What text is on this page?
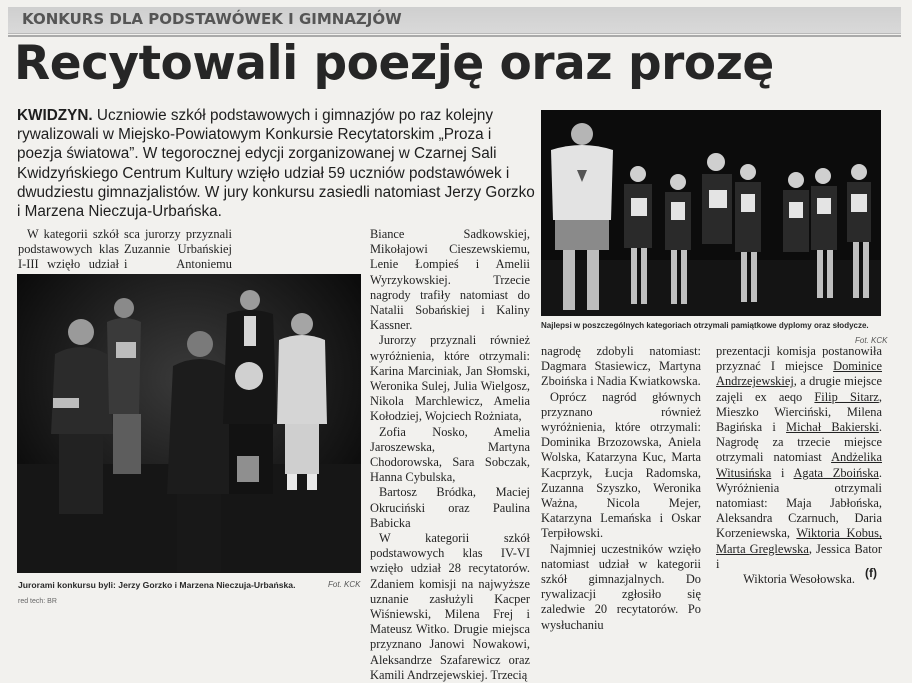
KONKURS DLA PODSTAWÓWEK I GIMNAZJÓW
Recytowali poezję oraz prozę
KWIDZYN. Uczniowie szkół podstawowych i gimnazjów po raz kolejny rywalizowali w Miejsko-Powiatowym Konkursie Recytatorskim „Proza i poezja światowa”. W tegorocznej edycji zorganizowanej w Czarnej Sali Kwidzyńskiego Centrum Kultury wzięło udział 59 uczniów podstawówek i dwudziestu gimnazjalistów. W jury konkursu zasiedli natomiast Jerzy Gorzko i Marzena Nieczuja-Urbańska.

W kategorii szkół podstawowych klas I-III wzięło udział

sca jurorzy przyznali Zuzannie Urbańskiej i Antoniemu

Jurorami konkursu byli: Jerzy Gorzko i Marzena Nieczuja-Urbańska.	Fot. KCK

Biance Sadkowskiej, Mikołajowi Cieszewskiemu, Lenie Łompieś i Amelii Wyrzykowskiej. Trzecie nagrody trafiły natomiast do Natalii Sobańskiej i Kaliny Kassner.

Jurorzy przyznali również wyróżnienia, które otrzymali: Karina Marciniak, Jan Słomski, Weronika Sulej, Julia Wielgosz, Nikola Marchlewicz, Amelia Kołodziej, Wojciech Rożniata,

Zofia Nosko, Amelia Jaroszewska, Martyna Chodorowska, Sara Sobczak, Hanna Cybulska,

Bartosz Bródka, Maciej Okruciński oraz Paulina Babicka

W kategorii szkół podstawowych klas IV-VI wzięło udział 28 recytatorów. Zdaniem komisji na najwyższe uznanie zasłużyli Kacper Wiśniewski, Milena Frej i Mateusz Witko. Drugie miejsca przyznano Janowi Nowakowi, Aleksandrze Szafarewicz oraz Kamili Andrzejewskiej. Trzecią

Najlepsi w poszczególnych kategoriach otrzymali pamiątkowe dyplomy oraz słodycze.
Fot. KCK

nagrodę zdobyli natomiast: Dagmara Stasiewicz, Martyna Zboińska i Nadia Kwiatkowska.

Oprócz nagród głównych przyznano również wyróżnienia, które otrzymali: Dominika Brzozowska, Aniela Wolska, Katarzyna Kuc, Marta Kacprzyk, Łucja Radomska, Zuzanna Szyszko, Weronika Ważna, Nicola Mejer, Katarzyna Lemańska i Oskar Terpiłowski.

Najmniej uczestników wzięło natomiast udział w kategorii szkół gimnazjalnych. Do rywalizacji zgłosiło się zaledwie 20 recytatorów. Po wysłuchaniu

prezentacji komisja postanowiła przyznać I miejsce Dominice Andrzejewskiej, a drugie miejsce zajęli ex aeqo Filip Sitarz, Mieszko Wierciński, Milena Bagińska i Michał Bakierski. Nagrodę za trzecie miejsce otrzymali natomiast Andżelika Witusińska i Agata Zboińska. Wyróżnienia otrzymali natomiast: Maja Jabłońska, Aleksandra Czarnuch, Daria Korzeniewska, Wiktoria Kobus, Marta Greglewska, Jessica Bator i

Wiktoria Wesołowska. (f)
red tech: BR
